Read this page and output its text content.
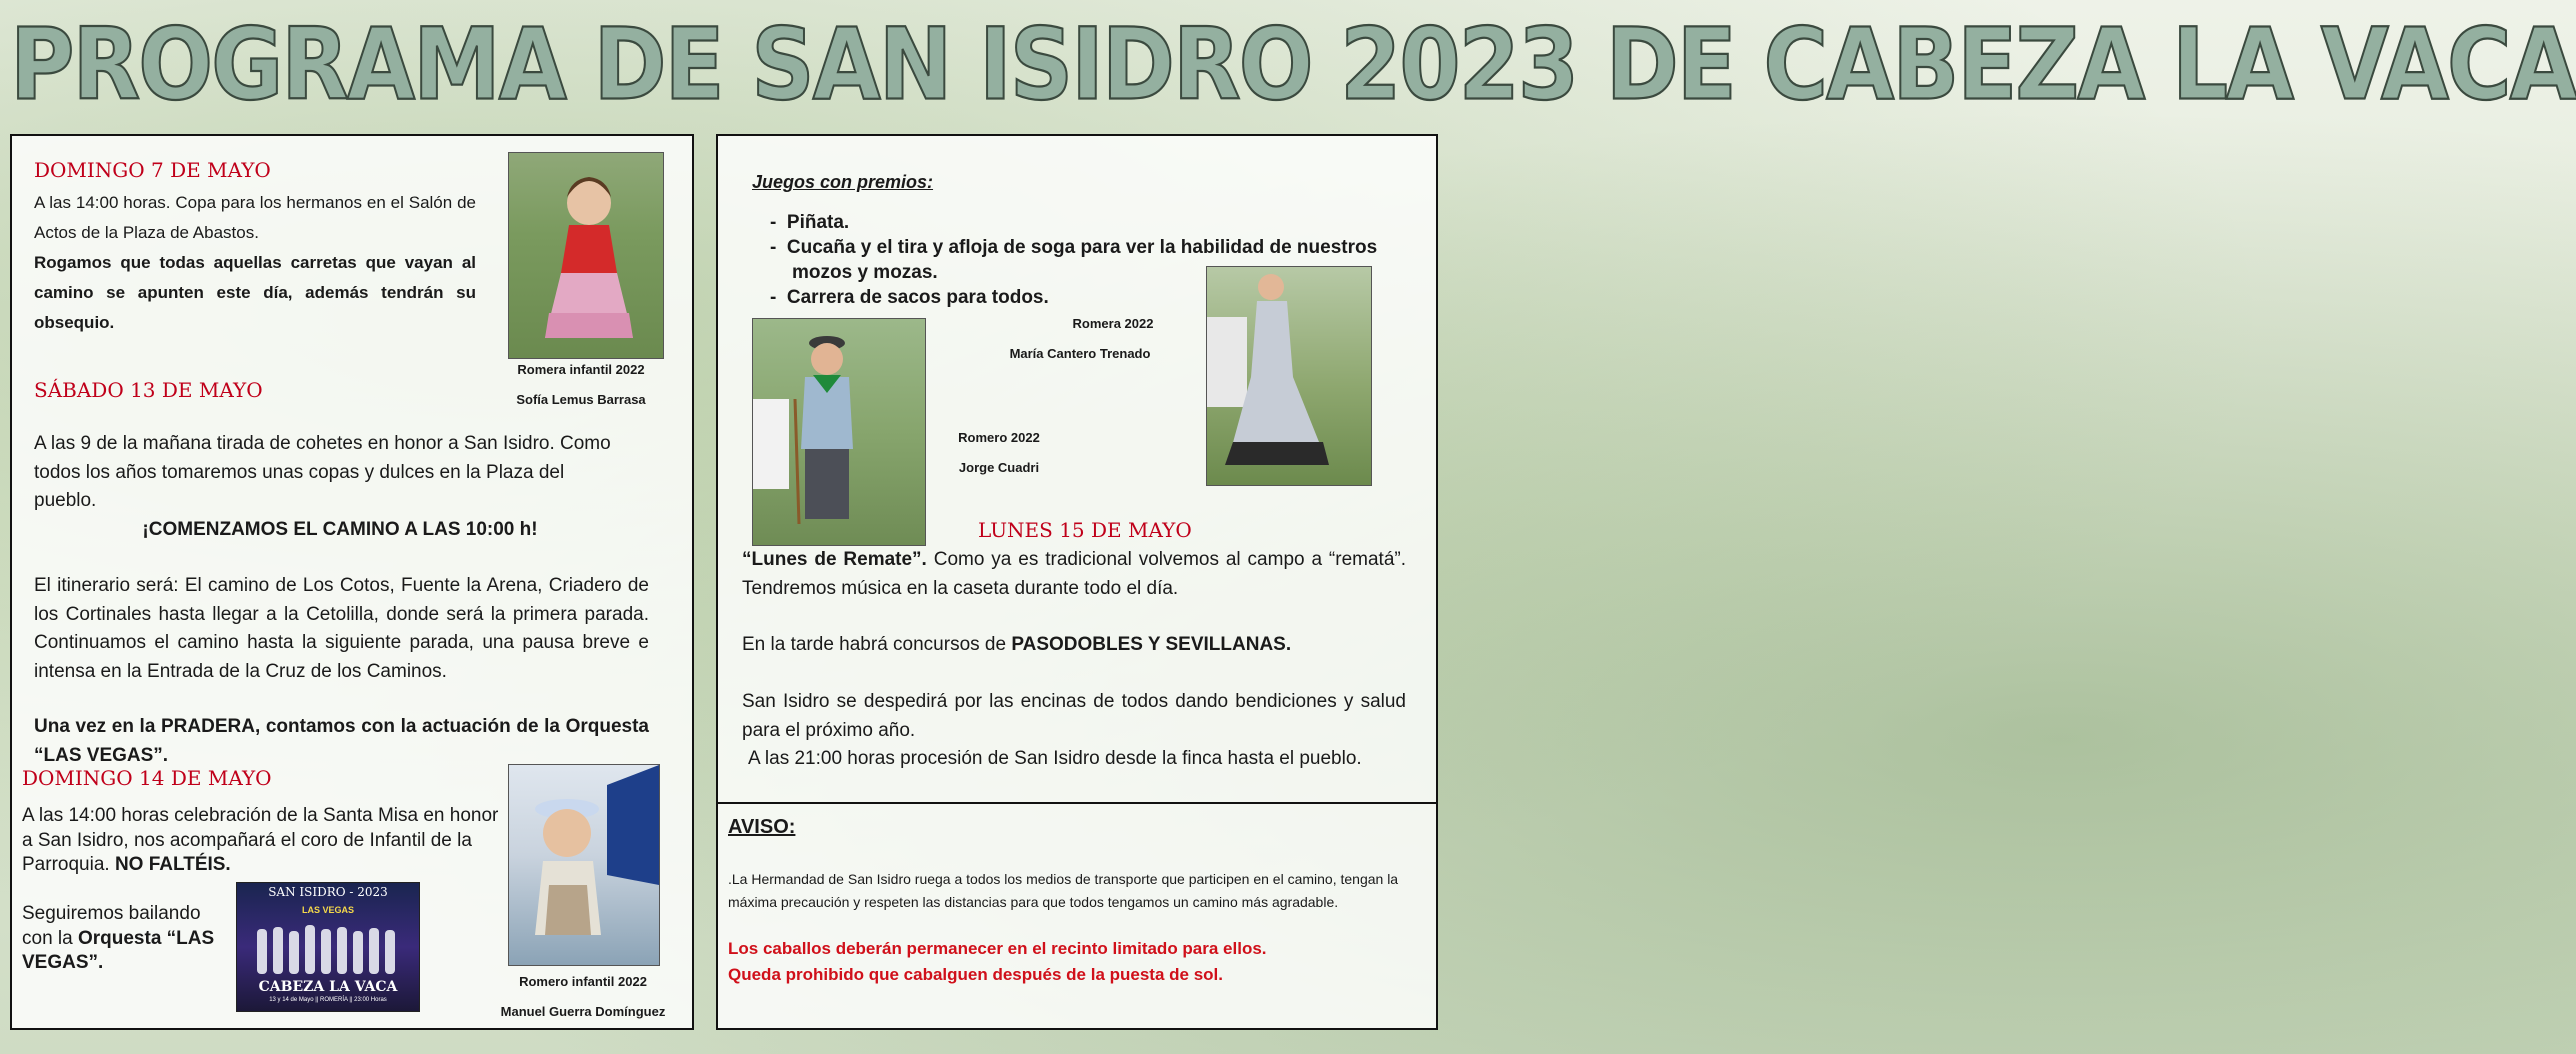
PROGRAMA DE SAN ISIDRO 2023 DE CABEZA LA VACA
DOMINGO 7 DE MAYO
A las 14:00 horas. Copa para los hermanos en el Salón de Actos de la Plaza de Abastos.
Rogamos que todas aquellas carretas que vayan al camino se apunten este día, además tendrán su obsequio.
Romera infantil 2022
Sofía Lemus Barrasa
SÁBADO 13 DE MAYO
A las 9 de la mañana tirada de cohetes en honor a San Isidro. Como todos los años tomaremos unas copas y dulces en la Plaza del pueblo.
¡COMENZAMOS EL CAMINO A LAS 10:00 h!
El itinerario será: El camino de Los Cotos, Fuente la Arena, Criadero de los Cortinales hasta llegar a la Cetolilla, donde será la primera parada. Continuamos el camino hasta la siguiente parada, una pausa breve e intensa en la Entrada de la Cruz de los Caminos.
Una vez en la PRADERA, contamos con la actuación de la Orquesta “LAS VEGAS”.
DOMINGO 14 DE MAYO
A las 14:00 horas celebración de la Santa Misa en honor a San Isidro, nos acompañará el coro de Infantil de la Parroquia. NO FALTÉIS.
Seguiremos bailando con la Orquesta “LAS VEGAS”.
SAN ISIDRO - 2023
LAS VEGAS
CABEZA LA VACA
13 y 14 de Mayo || ROMERÍA || 23:00 Horas
Romero infantil 2022
Manuel Guerra Domínguez
Juegos con premios:
-  Piñata.
-  Cucaña y el tira y afloja de soga para ver la habilidad de nuestros mozos y mozas.
-  Carrera de sacos para todos.
Romera 2022
María Cantero Trenado
Romero 2022
Jorge Cuadri
LUNES 15 DE MAYO
“Lunes de Remate”. Como ya es tradicional volvemos al campo a “rematá”. Tendremos música en la caseta durante todo el día.
En la tarde habrá concursos de PASODOBLES Y SEVILLANAS.
San Isidro se despedirá por las encinas de todos dando bendiciones y salud para el próximo año.
A las 21:00 horas procesión de San Isidro desde la finca hasta el pueblo.
AVISO:
.La Hermandad de San Isidro ruega a todos los medios de transporte que participen en el camino, tengan la máxima precaución y respeten las distancias para que todos tengamos un camino más agradable.
Los caballos deberán permanecer en el recinto limitado para ellos.
Queda prohibido que cabalguen después de la puesta de sol.
